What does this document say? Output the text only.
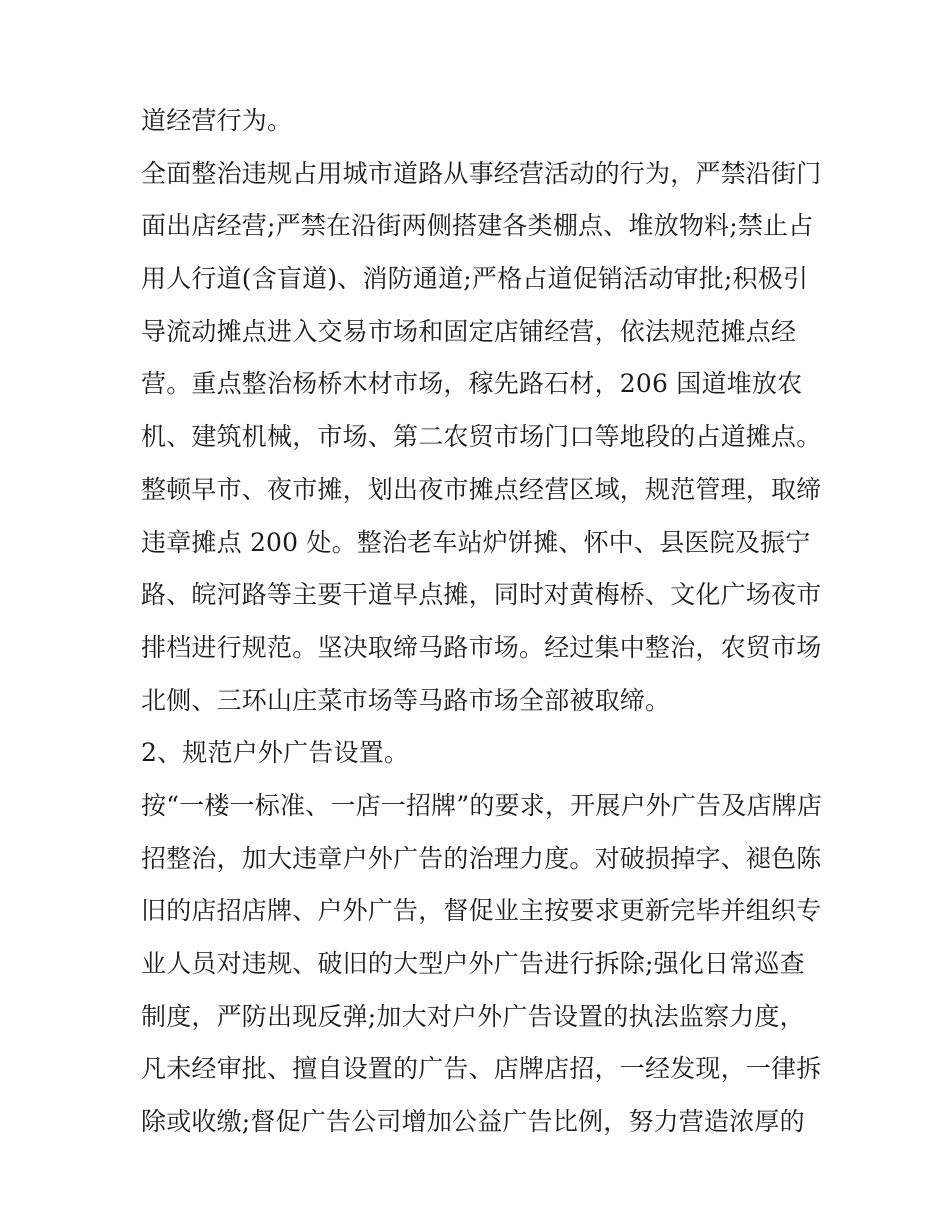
道经营行为。
全面整治违规占用城市道路从事经营活动的行为，严禁沿街门
面出店经营;严禁在沿街两侧搭建各类棚点、堆放物料;禁止占
用人行道(含盲道)、消防通道;严格占道促销活动审批;积极引
导流动摊点进入交易市场和固定店铺经营，依法规范摊点经
营。重点整治杨桥木材市场，稼先路石材，206 国道堆放农
机、建筑机械，市场、第二农贸市场门口等地段的占道摊点。
整顿早市、夜市摊，划出夜市摊点经营区域，规范管理，取缔
违章摊点 200 处。整治老车站炉饼摊、怀中、县医院及振宁
路、皖河路等主要干道早点摊，同时对黄梅桥、文化广场夜市
排档进行规范。坚决取缔马路市场。经过集中整治，农贸市场
北侧、三环山庄菜市场等马路市场全部被取缔。
2、规范户外广告设置。
按“一楼一标准、一店一招牌”的要求，开展户外广告及店牌店
招整治，加大违章户外广告的治理力度。对破损掉字、褪色陈
旧的店招店牌、户外广告，督促业主按要求更新完毕并组织专
业人员对违规、破旧的大型户外广告进行拆除;强化日常巡查
制度，严防出现反弹;加大对户外广告设置的执法监察力度，
凡未经审批、擅自设置的广告、店牌店招，一经发现，一律拆
除或收缴;督促广告公司增加公益广告比例，努力营造浓厚的
